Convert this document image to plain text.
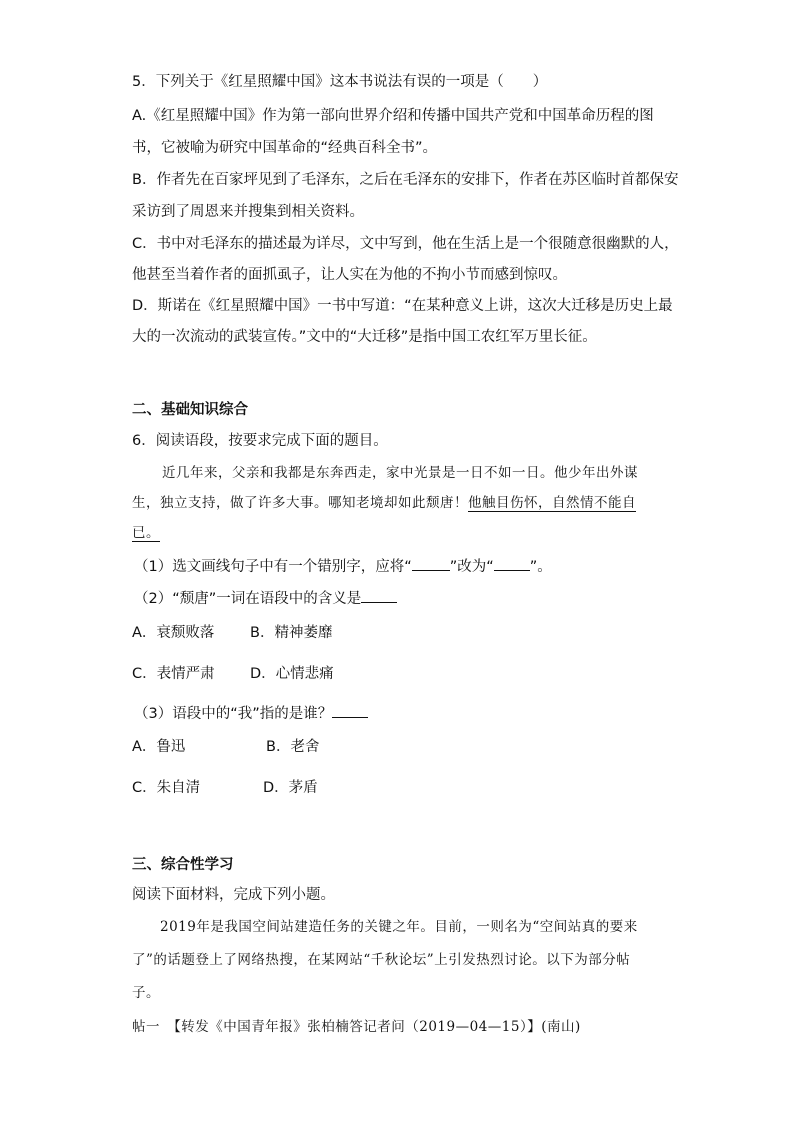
5．下列关于《红星照耀中国》这本书说法有误的一项是（　　）
A.《红星照耀中国》作为第一部向世界介绍和传播中国共产党和中国革命历程的图
书，它被喻为研究中国革命的“经典百科全书”。
B．作者先在百家坪见到了毛泽东，之后在毛泽东的安排下，作者在苏区临时首都保安
采访到了周恩来并搜集到相关资料。
C．书中对毛泽东的描述最为详尽，文中写到，他在生活上是一个很随意很幽默的人，
他甚至当着作者的面抓虱子，让人实在为他的不拘小节而感到惊叹。
D．斯诺在《红星照耀中国》一书中写道：“在某种意义上讲，这次大迁移是历史上最
大的一次流动的武装宣传。”文中的“大迁移”是指中国工农红军万里长征。
二、基础知识综合
6．阅读语段，按要求完成下面的题目。
近几年来，父亲和我都是东奔西走，家中光景是一日不如一日。他少年出外谋
生，独立支持，做了许多大事。哪知老境却如此颓唐！他触目伤怀，自然情不能自
已。
（1）选文画线句子中有一个错别字，应将“	”改为“ ”。
（2）“颓唐”一词在语段中的含义是
A．衰颓败落 B．精神萎靡
C．表情严肃 D．心情悲痛
（3）语段中的“我”指的是谁？
A．鲁迅	B．老舍
C．朱自清	D．茅盾
三、综合性学习
阅读下面材料，完成下列小题。
2019年是我国空间站建造任务的关键之年。目前，一则名为“空间站真的要来
了”的话题登上了网络热搜，在某网站“千秋论坛”上引发热烈讨论。以下为部分帖
子。
帖一　【转发《中国青年报》张柏楠答记者问（2019—04—15）】(南山)
